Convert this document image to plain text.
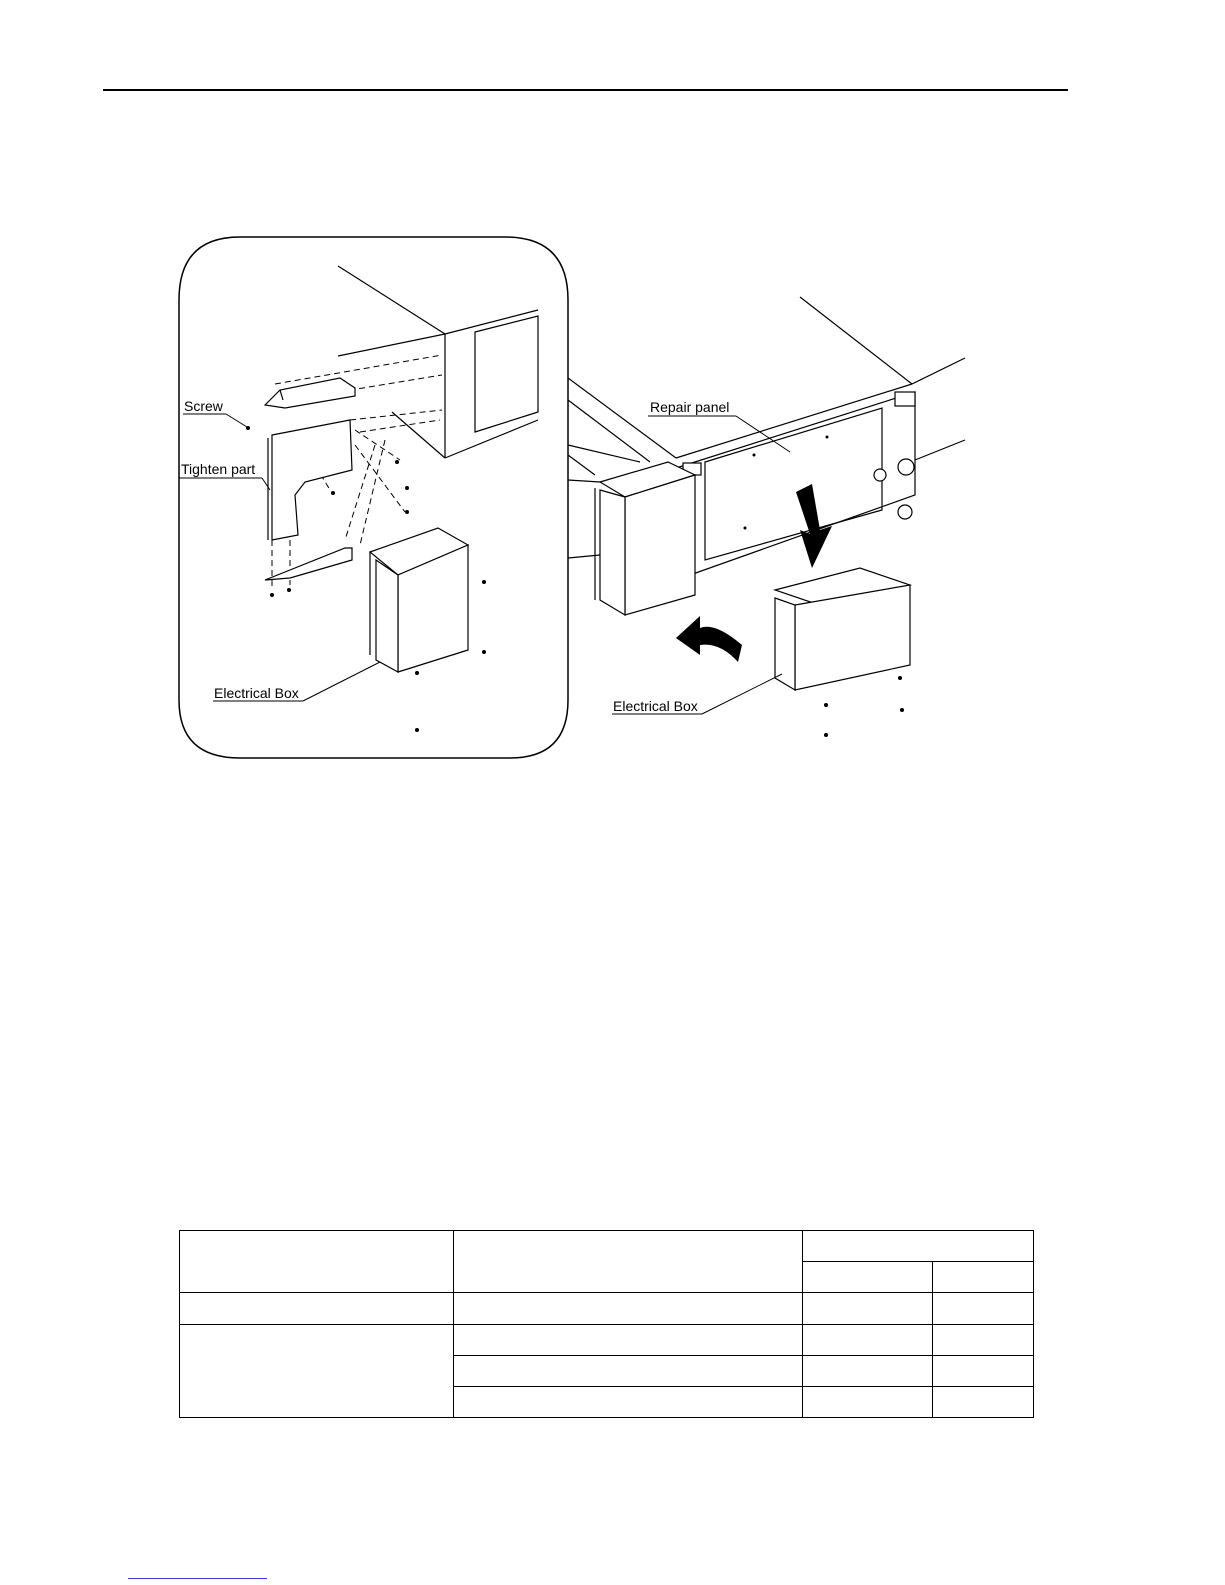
Screw
Tighten part
Electrical Box
Repair panel
Electrical Box
